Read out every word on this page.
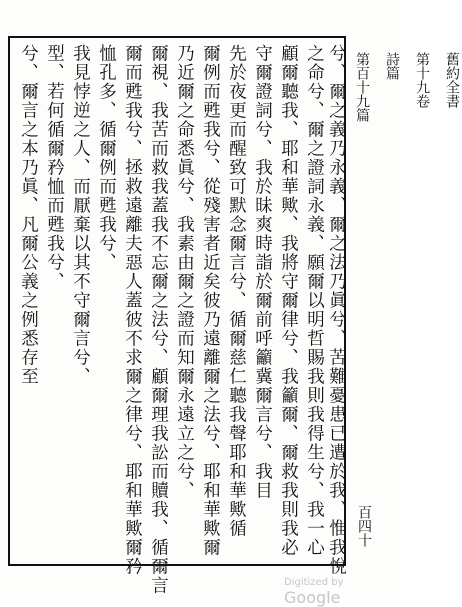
兮、爾言之本乃眞、凡爾公義之例悉存至 型、若何循爾矜恤而甦我兮、 我見悖逆之人、而厭棄以其不守爾言兮、 恤孔多、循爾例而甦我兮、 爾而甦我兮、拯救遠離夫惡人蓋彼不求爾之律兮、耶和華歟爾矜 爾視、我苦而救我蓋我不忘爾之法兮、顧爾理我訟而贖我、循爾言 乃近爾之命悉眞兮、我素由爾之證而知爾永遠立之兮、 爾例而甦我兮、從殘害者近矣彼乃遠離爾之法兮、耶和華歟爾 先於夜更而醒致可默念爾言兮、循爾慈仁聽我聲耶和華歟循 守爾證詞兮、我於昧爽時詣於爾前呼籲冀爾言兮、我目 顧爾聽我、耶和華歟、我將守爾律兮、我籲爾、爾救我則我必 之命兮、爾之證詞永義、願爾以明哲賜我則我得生兮、我一心 兮、爾之義乃永義、爾之法乃眞兮、苦難憂患已遭於我、惟我悅	舊約全書
第十九卷
詩篇
第百十九篇
百四十
Digitized by Google
